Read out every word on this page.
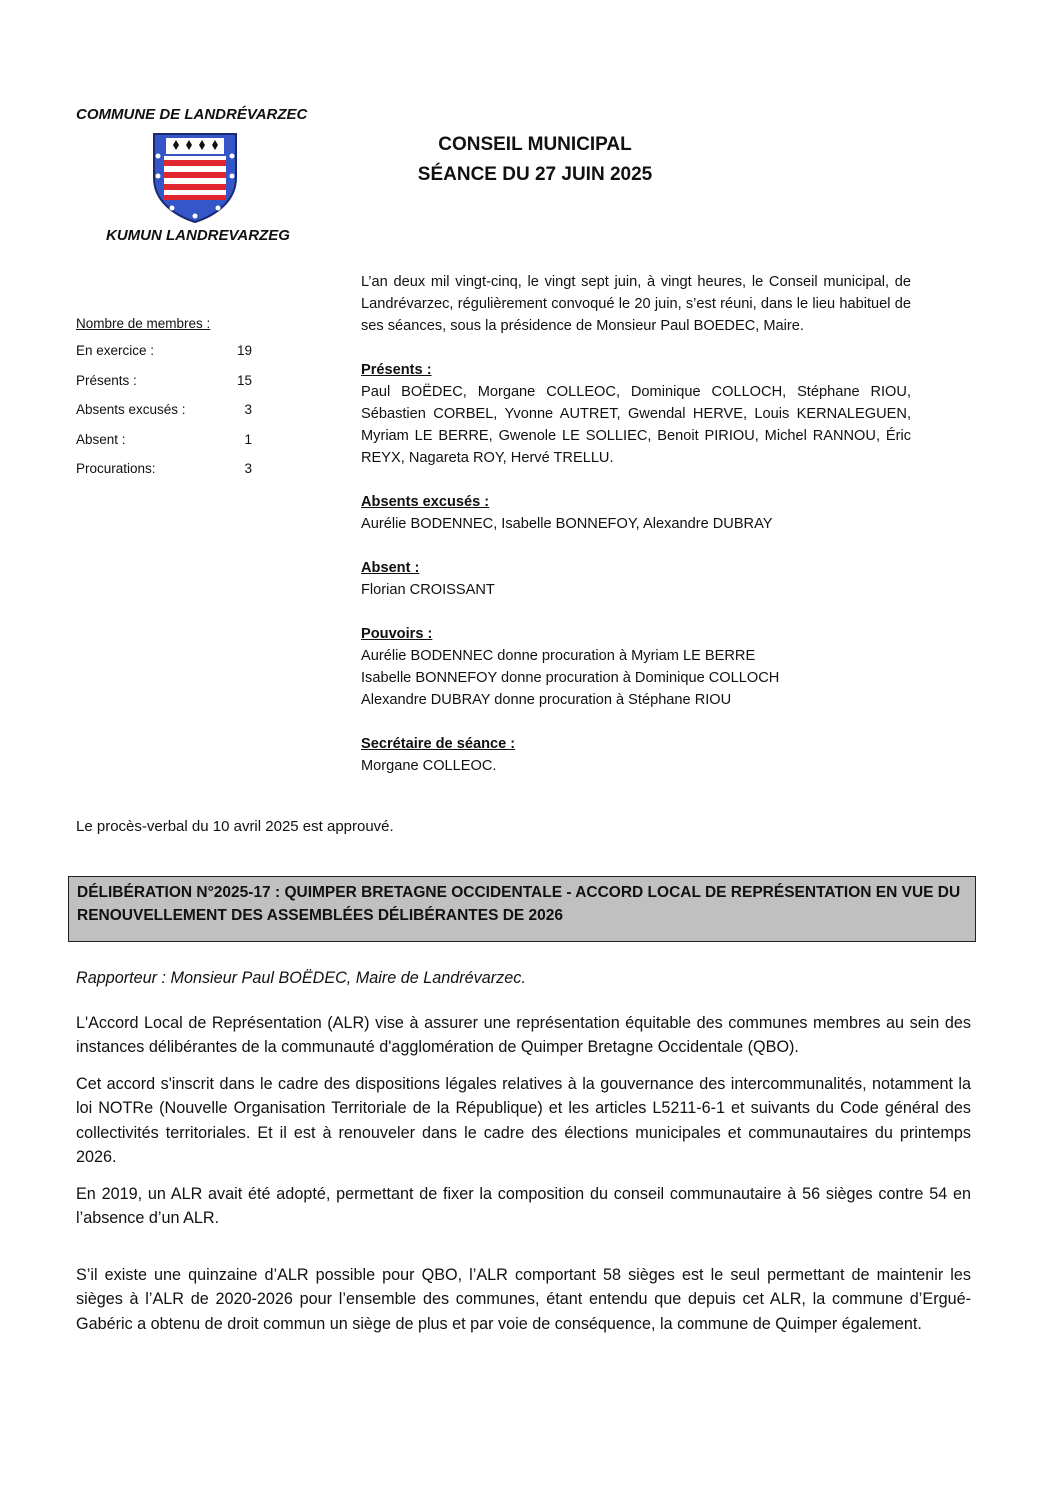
COMMUNE DE LANDRÉVARZEC
KUMUN LANDREVARZEG
CONSEIL MUNICIPAL
SÉANCE DU 27 JUIN 2025
Nombre de membres :
En exercice :	19
Présents :	15
Absents excusés :	3
Absent :	1
Procurations:	3

L’an deux mil vingt-cinq, le vingt sept juin, à vingt heures, le Conseil municipal, de Landrévarzec, régulièrement convoqué le 20 juin, s’est réuni, dans le lieu habituel de ses séances, sous la présidence de Monsieur Paul BOEDEC, Maire.

Présents :

Paul BOËDEC, Morgane COLLEOC, Dominique COLLOCH, Stéphane RIOU, Sébastien CORBEL, Yvonne AUTRET, Gwendal HERVE, Louis KERNALEGUEN, Myriam LE BERRE, Gwenole LE SOLLIEC, Benoit PIRIOU, Michel RANNOU, Éric REYX, Nagareta ROY, Hervé TRELLU.

Absents excusés :

Aurélie BODENNEC, Isabelle BONNEFOY, Alexandre DUBRAY

Absent :

Florian CROISSANT

Pouvoirs :

Aurélie BODENNEC donne procuration à Myriam LE BERRE

Isabelle BONNEFOY donne procuration à Dominique COLLOCH

Alexandre DUBRAY donne procuration à Stéphane RIOU

Secrétaire de séance :

Morgane COLLEOC.

Le procès-verbal du 10 avril 2025 est approuvé.
DÉLIBÉRATION N°2025-17 : QUIMPER BRETAGNE OCCIDENTALE - ACCORD LOCAL DE REPRÉSENTATION EN VUE DU RENOUVELLEMENT DES ASSEMBLÉES DÉLIBÉRANTES DE 2026

Rapporteur : Monsieur Paul BOËDEC, Maire de Landrévarzec.

L'Accord Local de Représentation (ALR) vise à assurer une représentation équitable des communes membres au sein des instances délibérantes de la communauté d'agglomération de Quimper Bretagne Occidentale (QBO).

Cet accord s'inscrit dans le cadre des dispositions légales relatives à la gouvernance des intercommunalités, notamment la loi NOTRe (Nouvelle Organisation Territoriale de la République) et les articles L5211-6-1 et suivants du Code général des collectivités territoriales. Et il est à renouveler dans le cadre des élections municipales et communautaires du printemps 2026.

En 2019, un ALR avait été adopté, permettant de fixer la composition du conseil communautaire à 56 sièges contre 54 en l’absence d’un ALR.

S’il existe une quinzaine d’ALR possible pour QBO, l’ALR comportant 58 sièges est le seul permettant de maintenir les sièges à l’ALR de 2020-2026 pour l’ensemble des communes, étant entendu que depuis cet ALR, la commune d’Ergué-Gabéric a obtenu de droit commun un siège de plus et par voie de conséquence, la commune de Quimper également.
